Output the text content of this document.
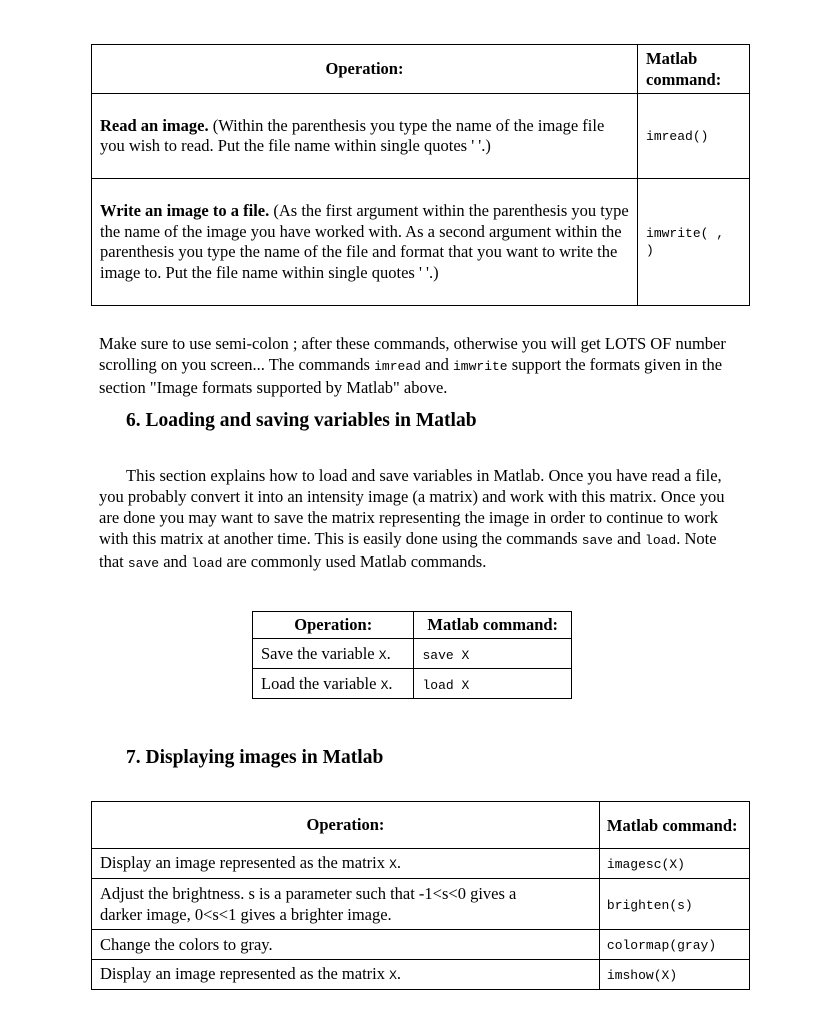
Operation:	Matlab command:
Read an image. (Within the parenthesis you type the name of the image file you wish to read. Put the file name within single quotes ' '.)	imread()
Write an image to a file. (As the first argument within the parenthesis you type the name of the image you have worked with. As a second argument within the parenthesis you type the name of the file and format that you want to write the image to. Put the file name within single quotes ' '.)	imwrite( , )
Make sure to use semi-colon ; after these commands, otherwise you will get LOTS OF number scrolling on you screen... The commands imread and imwrite support the formats given in the section "Image formats supported by Matlab" above.
6. Loading and saving variables in Matlab
This section explains how to load and save variables in Matlab. Once you have read a file, you probably convert it into an intensity image (a matrix) and work with this matrix. Once you are done you may want to save the matrix representing the image in order to continue to work with this matrix at another time. This is easily done using the commands save and load. Note that save and load are commonly used Matlab commands.
Operation:	Matlab command:
Save the variable X.	save X
Load the variable X.	load X
7. Displaying images in Matlab
Operation:	Matlab command:
Display an image represented as the matrix X.	imagesc(X)
Adjust the brightness. s is a parameter such that -1<s<0 gives a darker image, 0<s<1 gives a brighter image.	brighten(s)
Change the colors to gray.	colormap(gray)
Display an image represented as the matrix X.	imshow(X)
